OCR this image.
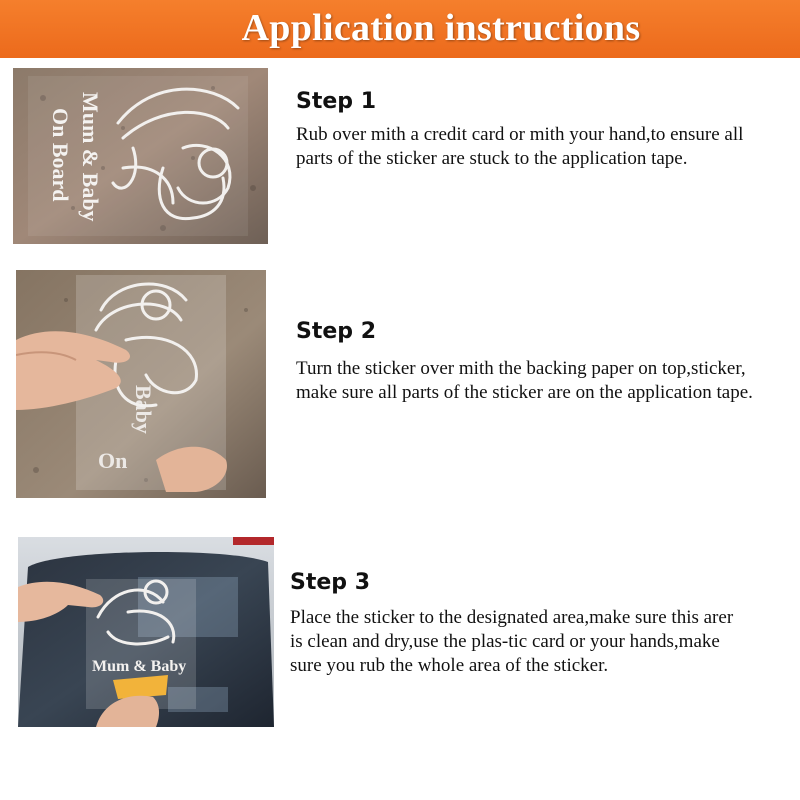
Application instructions
Mum & Baby
On Board
Step 1
Rub over mith a credit card or mith your hand,to ensure all
parts of the sticker are stuck to the application tape.
Baby
On
Step 2
Turn the sticker over mith the backing paper on top,sticker,
make sure all parts of the sticker are on the application tape.
Mum & Baby
Step 3
Place the sticker to the designated area,make sure this arer
is clean and dry,use the plas-tic card or your hands,make
sure you rub the whole area of the sticker.
